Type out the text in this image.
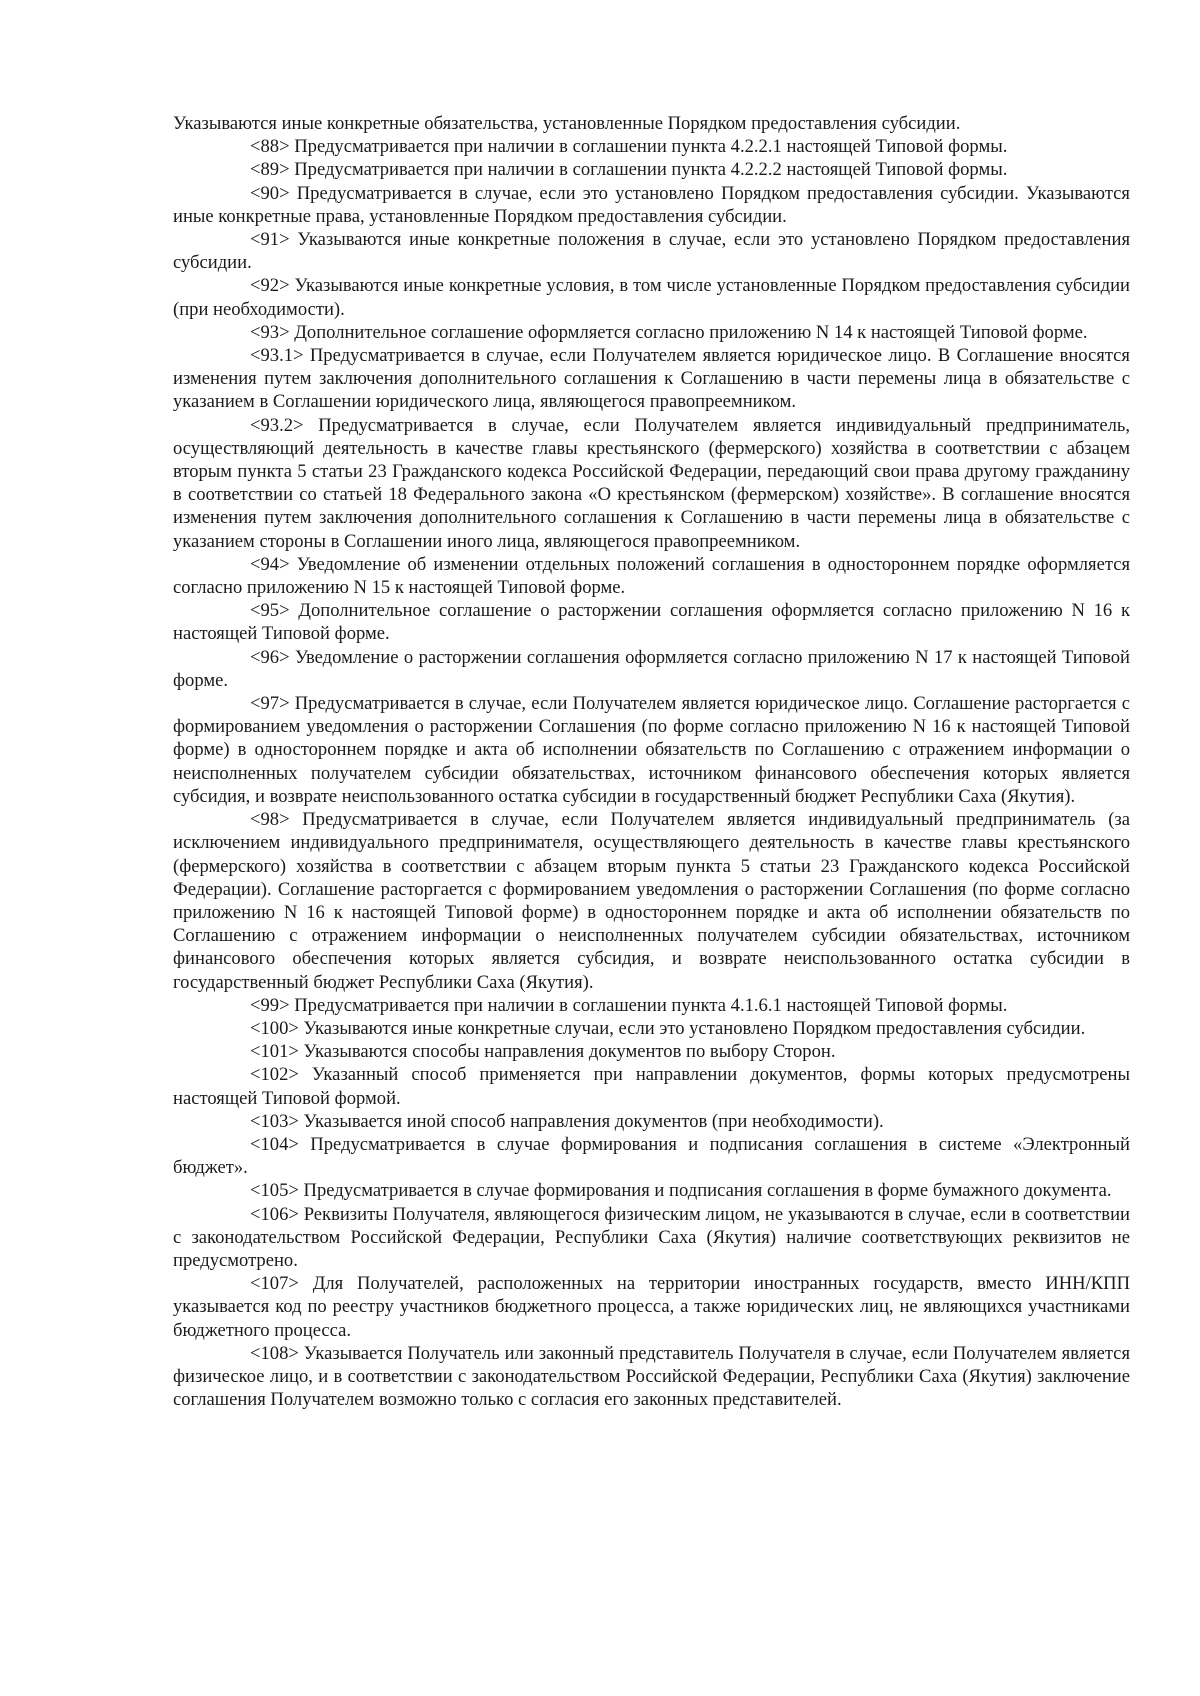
Указываются иные конкретные обязательства, установленные Порядком предоставления субсидии.

<88> Предусматривается при наличии в соглашении пункта 4.2.2.1 настоящей Типовой формы.

<89> Предусматривается при наличии в соглашении пункта 4.2.2.2 настоящей Типовой формы.

<90> Предусматривается в случае, если это установлено Порядком предоставления субсидии. Указываются иные конкретные права, установленные Порядком предоставления субсидии.

<91> Указываются иные конкретные положения в случае, если это установлено Порядком предоставления субсидии.

<92> Указываются иные конкретные условия, в том числе установленные Порядком предоставления субсидии (при необходимости).

<93> Дополнительное соглашение оформляется согласно приложению N 14 к настоящей Типовой форме.

<93.1> Предусматривается в случае, если Получателем является юридическое лицо. В Соглашение вносятся изменения путем заключения дополнительного соглашения к Соглашению в части перемены лица в обязательстве с указанием в Соглашении юридического лица, являющегося правопреемником.

<93.2> Предусматривается в случае, если Получателем является индивидуальный предприниматель, осуществляющий деятельность в качестве главы крестьянского (фермерского) хозяйства в соответствии с абзацем вторым пункта 5 статьи 23 Гражданского кодекса Российской Федерации, передающий свои права другому гражданину в соответствии со статьей 18 Федерального закона «О крестьянском (фермерском) хозяйстве». В соглашение вносятся изменения путем заключения дополнительного соглашения к Соглашению в части перемены лица в обязательстве с указанием стороны в Соглашении иного лица, являющегося правопреемником.

<94> Уведомление об изменении отдельных положений соглашения в одностороннем порядке оформляется согласно приложению N 15 к настоящей Типовой форме.

<95> Дополнительное соглашение о расторжении соглашения оформляется согласно приложению N 16 к настоящей Типовой форме.

<96> Уведомление о расторжении соглашения оформляется согласно приложению N 17 к настоящей Типовой форме.

<97> Предусматривается в случае, если Получателем является юридическое лицо. Соглашение расторгается с формированием уведомления о расторжении Соглашения (по форме согласно приложению N 16 к настоящей Типовой форме) в одностороннем порядке и акта об исполнении обязательств по Соглашению с отражением информации о неисполненных получателем субсидии обязательствах, источником финансового обеспечения которых является субсидия, и возврате неиспользованного остатка субсидии в государственный бюджет Республики Саха (Якутия).

<98> Предусматривается в случае, если Получателем является индивидуальный предприниматель (за исключением индивидуального предпринимателя, осуществляющего деятельность в качестве главы крестьянского (фермерского) хозяйства в соответствии с абзацем вторым пункта 5 статьи 23 Гражданского кодекса Российской Федерации). Соглашение расторгается с формированием уведомления о расторжении Соглашения (по форме согласно приложению N 16 к настоящей Типовой форме) в одностороннем порядке и акта об исполнении обязательств по Соглашению с отражением информации о неисполненных получателем субсидии обязательствах, источником финансового обеспечения которых является субсидия, и возврате неиспользованного остатка субсидии в государственный бюджет Республики Саха (Якутия).

<99> Предусматривается при наличии в соглашении пункта 4.1.6.1 настоящей Типовой формы.

<100> Указываются иные конкретные случаи, если это установлено Порядком предоставления субсидии.

<101> Указываются способы направления документов по выбору Сторон.

<102> Указанный способ применяется при направлении документов, формы которых предусмотрены настоящей Типовой формой.

<103> Указывается иной способ направления документов (при необходимости).

<104> Предусматривается в случае формирования и подписания соглашения в системе «Электронный бюджет».

<105> Предусматривается в случае формирования и подписания соглашения в форме бумажного документа.

<106> Реквизиты Получателя, являющегося физическим лицом, не указываются в случае, если в соответствии с законодательством Российской Федерации, Республики Саха (Якутия) наличие соответствующих реквизитов не предусмотрено.

<107> Для Получателей, расположенных на территории иностранных государств, вместо ИНН/КПП указывается код по реестру участников бюджетного процесса, а также юридических лиц, не являющихся участниками бюджетного процесса.

<108> Указывается Получатель или законный представитель Получателя в случае, если Получателем является физическое лицо, и в соответствии с законодательством Российской Федерации, Республики Саха (Якутия) заключение соглашения Получателем возможно только с согласия его законных представителей.
